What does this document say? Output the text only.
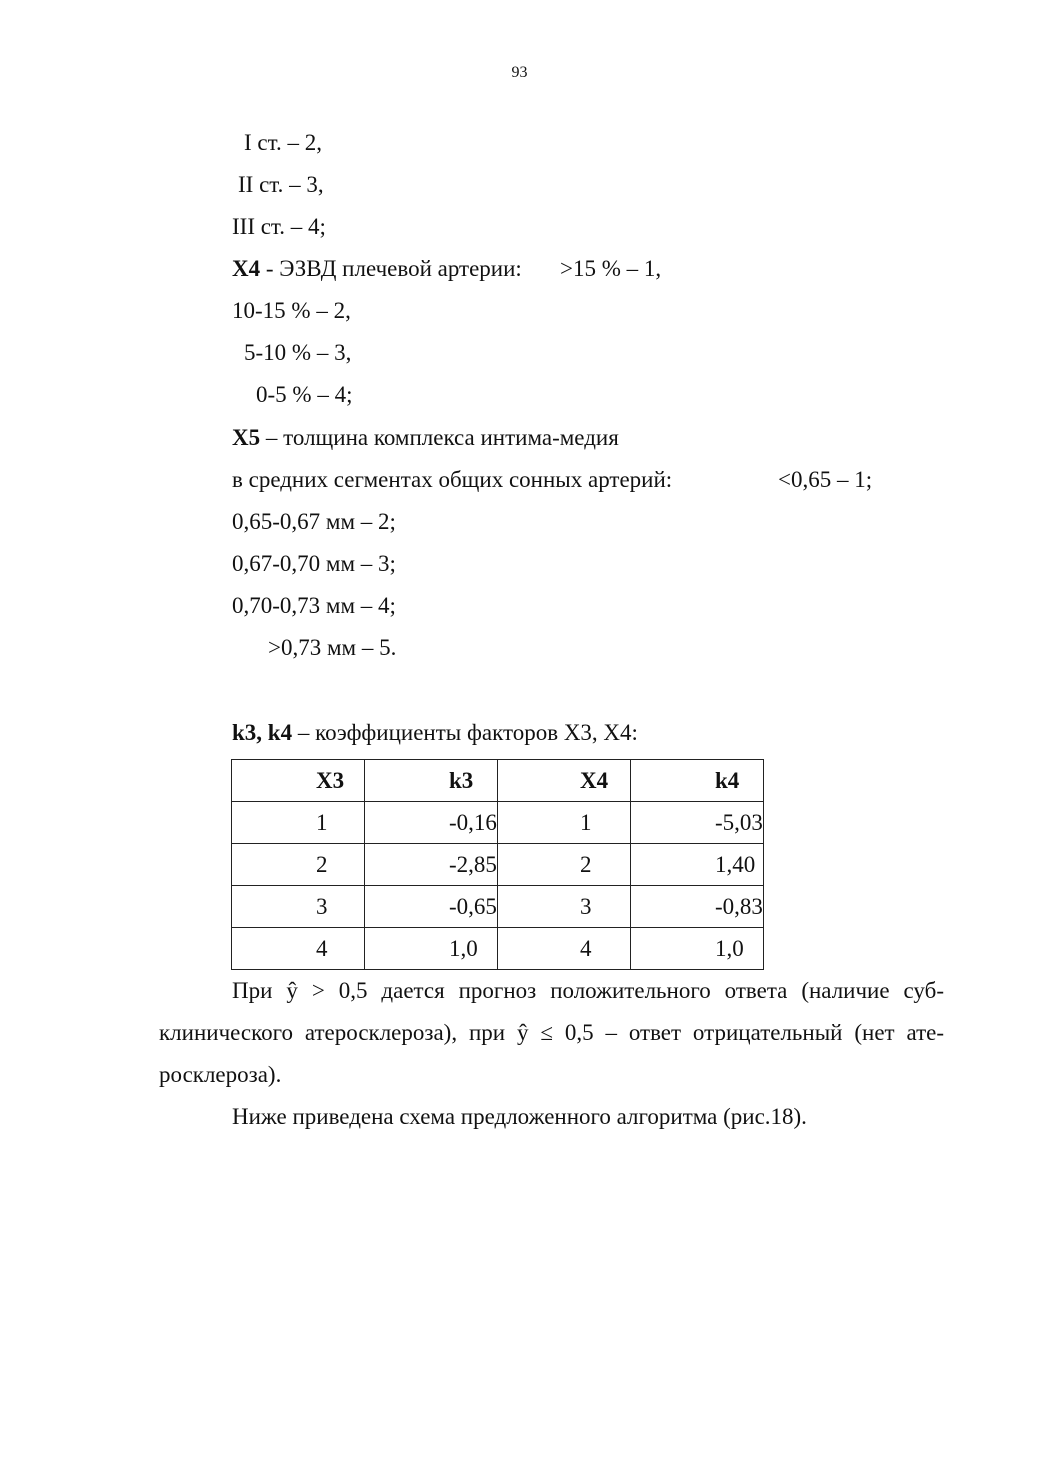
93
I ст. – 2,
II ст. – 3,
III ст. – 4;
X4 - ЭЗВД плечевой артерии: >15 % – 1,
10-15 % – 2,
5-10 % – 3,
0-5 % – 4;
X5 – толщина комплекса интима-медия
в средних сегментах общих сонных артерий:	<0,65 – 1;
0,65-0,67 мм – 2;
0,67-0,70 мм – 3;
0,70-0,73 мм – 4;
>0,73 мм – 5.
k3, k4 – коэффициенты факторов X3, X4:
X3	k3	X4	k4

1	-0,16	1	-5,03

2	-2,85	2	1,40

3	-0,65	3	-0,83

4	1,0	4	1,0
При ŷ > 0,5 дается прогноз положительного ответа (наличие суб-клинического атеросклероза), при ŷ ≤ 0,5 – ответ отрицательный (нет ате-росклероза).
Ниже приведена схема предложенного алгоритма (рис.18).
